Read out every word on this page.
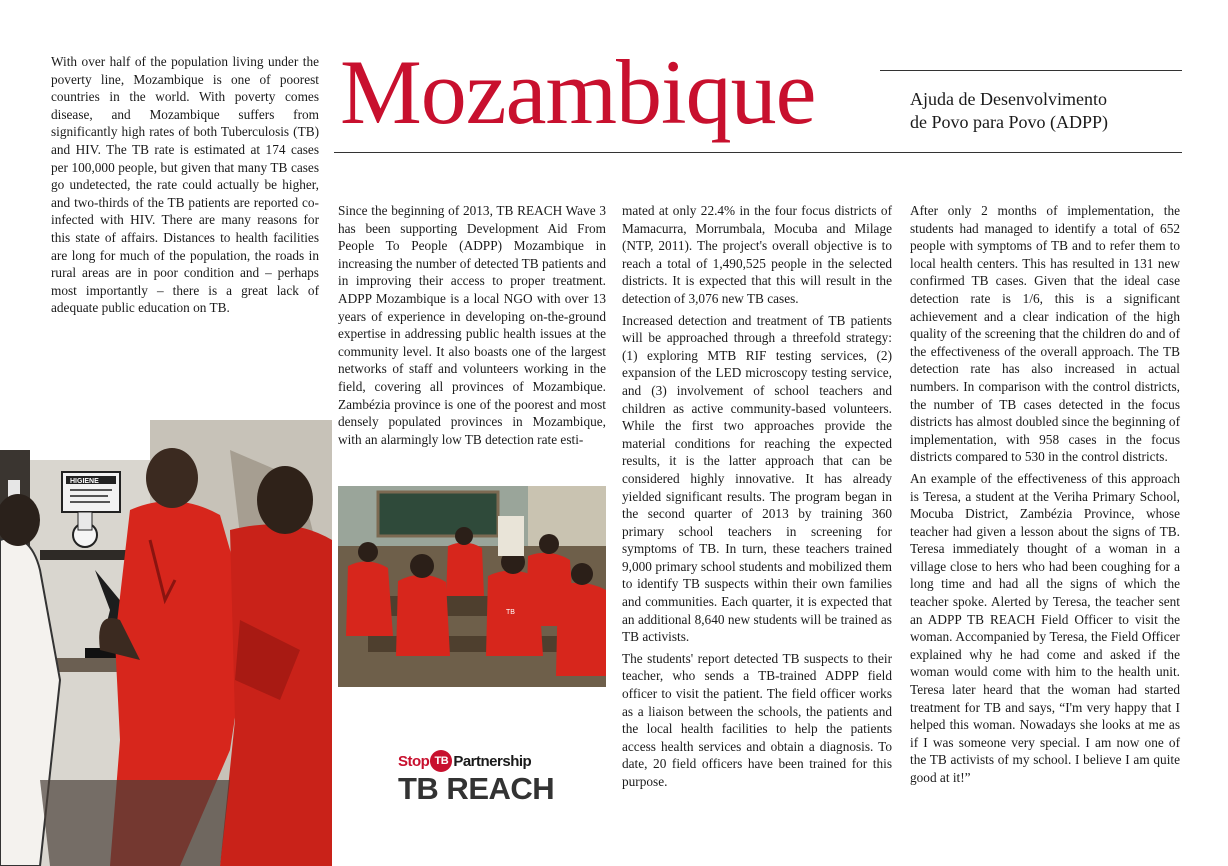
HIGIENE
TB

With over half of the population living under the poverty line, Mozambique is one of poorest countries in the world. With poverty comes disease, and Mozambique suffers from significantly high rates of both Tuberculosis (TB) and HIV. The TB rate is estimated at 174 cases per 100,000 people, but given that many TB cases go undetected, the rate could actually be higher, and two-thirds of the TB patients are reported co-infected with HIV. There are many reasons for this state of affairs. Distances to health facilities are long for much of the population, the roads in rural areas are in poor condition and – perhaps most importantly – there is a great lack of adequate public education on TB.

Mozambique	Ajuda de Desenvolvimento
de Povo para Povo (ADPP)

Since the beginning of 2013, TB REACH Wave 3 has been supporting Development Aid From People To People (ADPP) Mozambique in increasing the number of detected TB patients and in improving their access to proper treatment. ADPP Mozambique is a local NGO with over 13 years of experience in developing on-the-ground expertise in addressing public health issues at the community level. It also boasts one of the largest networks of staff and volunteers working in the field, covering all provinces of Mozambique. Zambézia province is one of the poorest and most densely populated provinces in Mozambique, with an alarmingly low TB detection rate esti-

mated at only 22.4% in the four focus districts of Mamacurra, Morrumbala, Mocuba and Milage (NTP, 2011). The project's overall objective is to reach a total of 1,490,525 people in the selected districts. It is expected that this will result in the detection of 3,076 new TB cases.

Increased detection and treatment of TB patients will be approached through a threefold strategy: (1) exploring MTB RIF testing services, (2) expansion of the LED microscopy testing service, and (3) involvement of school teachers and children as active community-based volunteers. While the first two approaches provide the material conditions for reaching the expected results, it is the latter approach that can be considered highly innovative. It has already yielded significant results. The program began in the second quarter of 2013 by training 360 primary school teachers in screening for symptoms of TB. In turn, these teachers trained 9,000 primary school students and mobilized them to identify TB suspects within their own families and communities. Each quarter, it is expected that an additional 8,640 new students will be trained as TB activists.

The students' report detected TB suspects to their teacher, who sends a TB-trained ADPP field officer to visit the patient. The field officer works as a liaison between the schools, the patients and the local health facilities to help the patients access health services and obtain a diagnosis. To date, 20 field officers have been trained for this purpose.

After only 2 months of implementation, the students had managed to identify a total of 652 people with symptoms of TB and to refer them to local health centers. This has resulted in 131 new confirmed TB cases. Given that the ideal case detection rate is 1/6, this is a significant achievement and a clear indication of the high quality of the screening that the children do and of the effectiveness of the overall approach. The TB detection rate has also increased in actual numbers. In comparison with the control districts, the number of TB cases detected in the focus districts has almost doubled since the beginning of implementation, with 958 cases in the focus districts compared to 530 in the control districts.

An example of the effectiveness of this approach is Teresa, a student at the Veriha Primary School, Mocuba District, Zambézia Province, whose teacher had given a lesson about the signs of TB. Teresa immediately thought of a woman in a village close to hers who had been coughing for a long time and had all the signs of which the teacher spoke. Alerted by Teresa, the teacher sent an ADPP TB REACH Field Officer to visit the woman. Accompanied by Teresa, the Field Officer explained why he had come and asked if the woman would come with him to the health unit. Teresa later heard that the woman had started treatment for TB and says, “I'm very happy that I helped this woman. Nowadays she looks at me as if I was someone very special. I am now one of the TB activists of my school. I believe I am quite good at it!”

Stop TB Partnership
TB REACH
